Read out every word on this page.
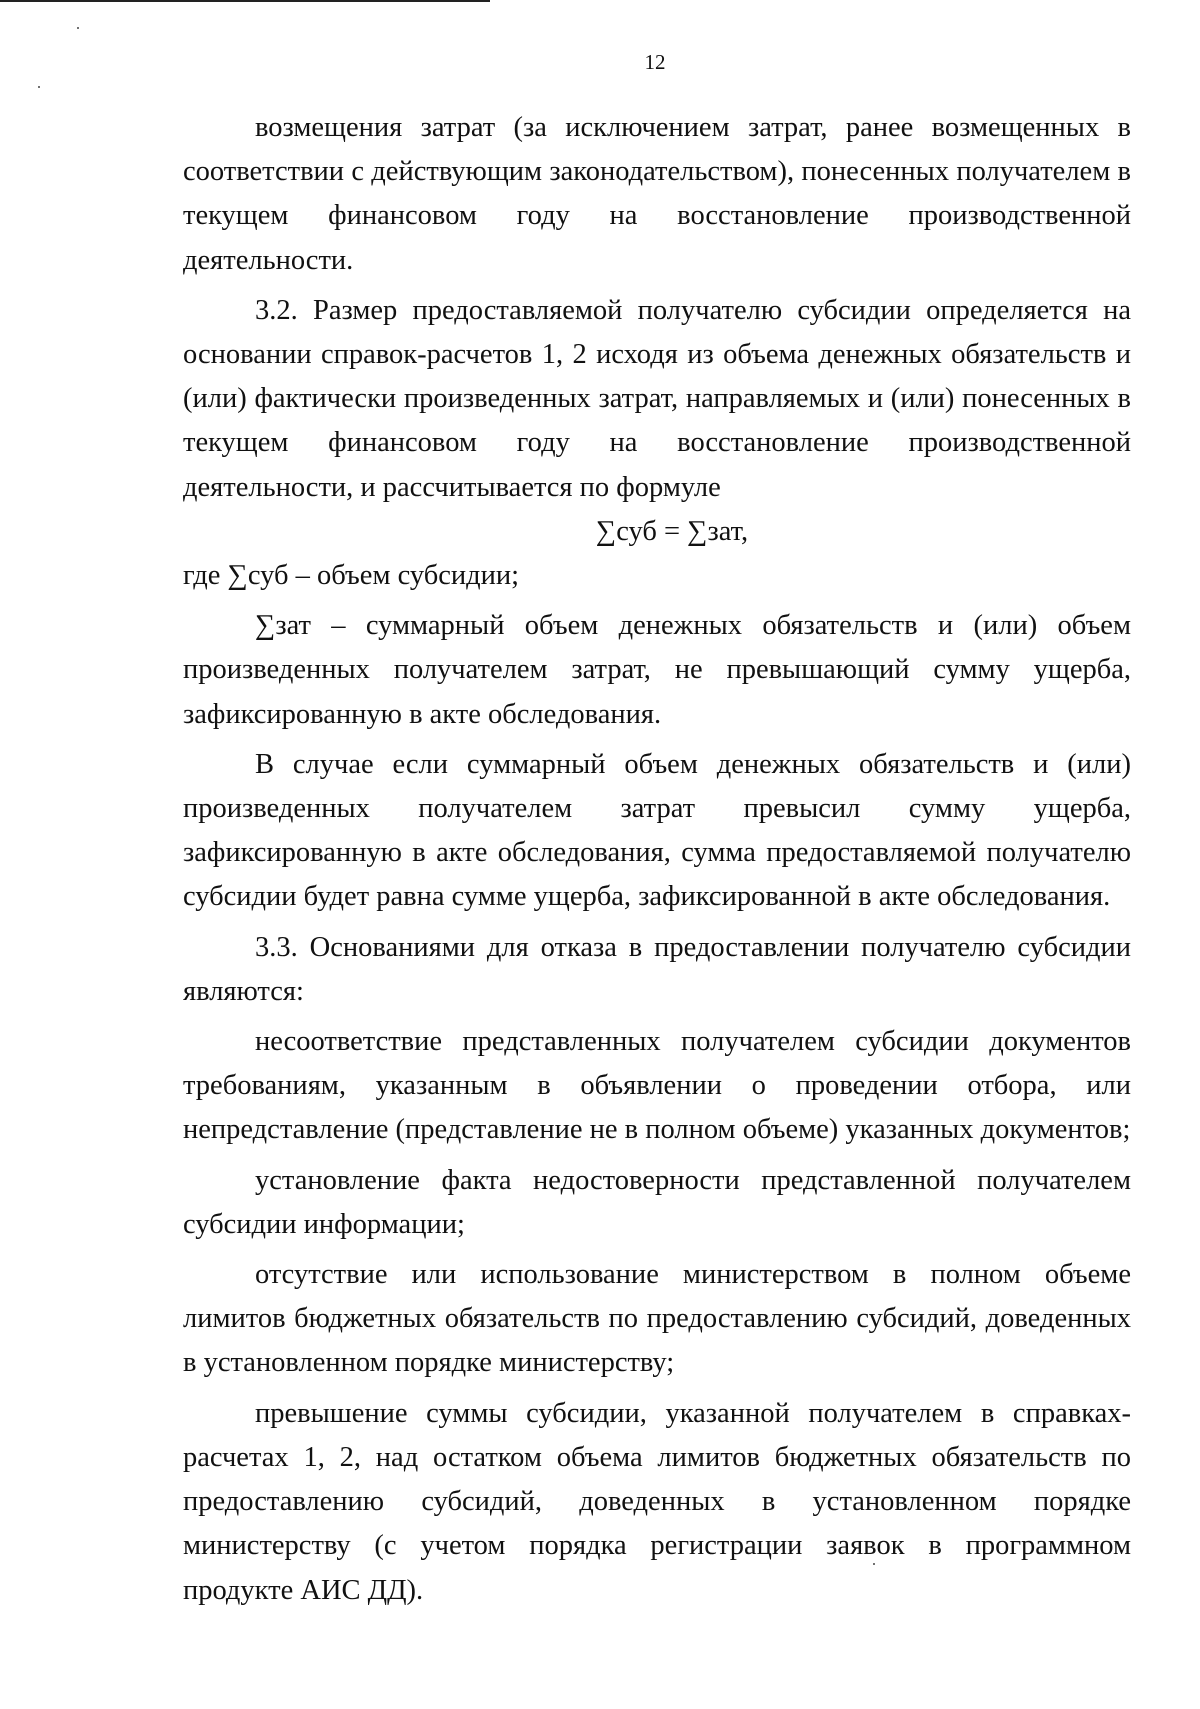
12

возмещения затрат (за исключением затрат, ранее возмещенных в соответствии с действующим законодательством), понесенных получателем в текущем финансовом году на восстановление производственной деятельности.

3.2. Размер предоставляемой получателю субсидии определяется на основании справок-расчетов 1, 2 исходя из объема денежных обязательств и (или) фактически произведенных затрат, направляемых и (или) понесенных в текущем финансовом году на восстановление производственной деятельности, и рассчитывается по формуле

∑суб = ∑зат,

где ∑суб – объем субсидии;

∑зат – суммарный объем денежных обязательств и (или) объем произведенных получателем затрат, не превышающий сумму ущерба, зафиксированную в акте обследования.

В случае если суммарный объем денежных обязательств и (или) произведенных получателем затрат превысил сумму ущерба, зафиксированную в акте обследования, сумма предоставляемой получателю субсидии будет равна сумме ущерба, зафиксированной в акте обследования.

3.3. Основаниями для отказа в предоставлении получателю субсидии являются:

несоответствие представленных получателем субсидии документов требованиям, указанным в объявлении о проведении отбора, или непредставление (представление не в полном объеме) указанных документов;

установление факта недостоверности представленной получателем субсидии информации;

отсутствие или использование министерством в полном объеме лимитов бюджетных обязательств по предоставлению субсидий, доведенных в установленном порядке министерству;

превышение суммы субсидии, указанной получателем в справках-расчетах 1, 2, над остатком объема лимитов бюджетных обязательств по предоставлению субсидий, доведенных в установленном порядке министерству (с учетом порядка регистрации заявок в программном продукте АИС ДД).
